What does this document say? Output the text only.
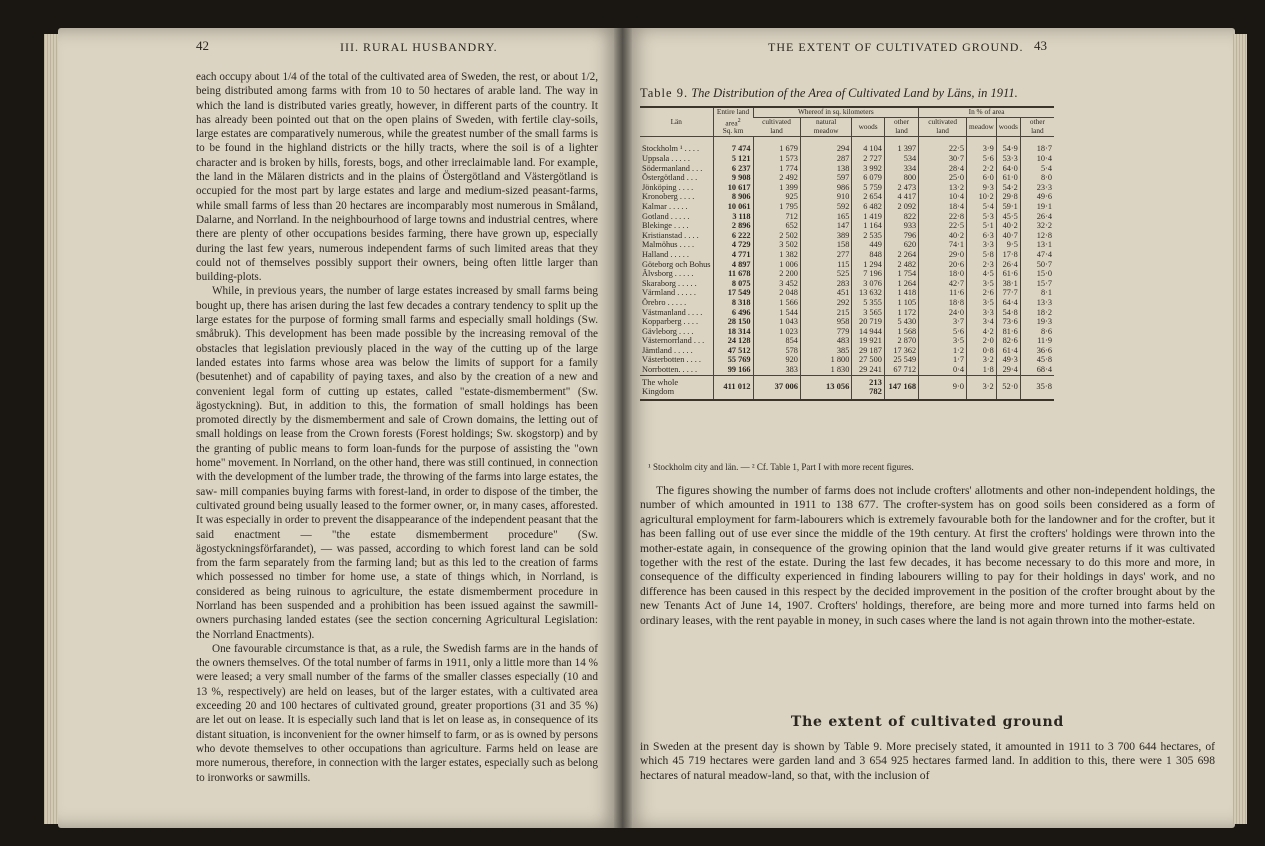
42	III. RURAL HUSBANDRY.

each occupy about 1/4 of the total of the cultivated area of Sweden, the rest, or about 1/2, being distributed among farms with from 10 to 50 hectares of arable land. The way in which the land is distributed varies greatly, however, in different parts of the country. It has already been pointed out that on the open plains of Sweden, with fertile clay-soils, large estates are comparatively numerous, while the greatest number of the small farms is to be found in the highland districts or the hilly tracts, where the soil is of a lighter character and is broken by hills, forests, bogs, and other irreclaimable land. For example, the land in the Mälaren districts and in the plains of Östergötland and Västergötland is occupied for the most part by large estates and large and medium-sized peasant-farms, while small farms of less than 20 hectares are incomparably most numerous in Småland, Dalarne, and Norrland. In the neighbourhood of large towns and industrial centres, where there are plenty of other occupations besides farming, there have grown up, especially during the last few years, numerous independent farms of such limited areas that they could not of themselves possibly support their owners, being often little larger than building-plots.

While, in previous years, the number of large estates increased by small farms being bought up, there has arisen during the last few decades a contrary tendency to split up the large estates for the purpose of forming small farms and especially small holdings (Sw. småbruk). This development has been made possible by the increasing removal of the obstacles that legislation previously placed in the way of the cutting up of the large landed estates into farms whose area was below the limits of support for a family (besutenhet) and of capability of paying taxes, and also by the creation of a new and convenient legal form of cutting up estates, called "estate-dismemberment" (Sw. ägostyckning). But, in addition to this, the formation of small holdings has been promoted directly by the dismemberment and sale of Crown domains, the letting out of small holdings on lease from the Crown forests (Forest holdings; Sw. skogstorp) and by the granting of public means to form loan-funds for the purpose of assisting the "own home" movement. In Norrland, on the other hand, there was still continued, in connection with the development of the lumber trade, the throwing of the farms into large estates, the saw- mill companies buying farms with forest-land, in order to dispose of the timber, the cultivated ground being usually leased to the former owner, or, in many cases, afforested. It was especially in order to prevent the disappearance of the independent peasant that the said enactment — "the estate dismemberment procedure" (Sw. ägostyckningsförfarandet), — was passed, according to which forest land can be sold from the farm separately from the farming land; but as this led to the creation of farms which possessed no timber for home use, a state of things which, in Norrland, is considered as being ruinous to agriculture, the estate dismemberment procedure in Norrland has been suspended and a prohibition has been issued against the sawmill-owners purchasing landed estates (see the section concerning Agricultural Legislation: the Norrland Enactments).

One favourable circumstance is that, as a rule, the Swedish farms are in the hands of the owners themselves. Of the total number of farms in 1911, only a little more than 14 % were leased; a very small number of the farms of the smaller classes especially (10 and 13 %, respectively) are held on leases, but of the larger estates, with a cultivated area exceeding 20 and 100 hectares of cultivated ground, greater proportions (31 and 35 %) are let out on lease. It is especially such land that is let on lease as, in consequence of its distant situation, is inconvenient for the owner himself to farm, or as is owned by persons who devote themselves to other occupations than agriculture. Farms held on lease are more numerous, therefore, in connection with the larger estates, especially such as belong to ironworks or sawmills.

THE EXTENT OF CULTIVATED GROUND. 43
Table 9. The Distribution of the Area of Cultivated Land by Läns, in 1911.
Län	Entire land area$^2$
Sq. km	Whereof in sq. kilometers				In % of area			
		cultivated land	natural meadow	woods	other land	cultivated land	meadow	woods	other land

Stockholm ¹ . . . .	7 474	1 679	294	4 104	1 397	22·5	3·9	54·9	18·7
Uppsala . . . . .	5 121	1 573	287	2 727	534	30·7	5·6	53·3	10·4
Södermanland . . .	6 237	1 774	138	3 992	334	28·4	2·2	64·0	5·4
Östergötland . . .	9 908	2 492	597	6 079	800	25·0	6·0	61·0	8·0
Jönköping . . . .	10 617	1 399	986	5 759	2 473	13·2	9·3	54·2	23·3
Kronoberg . . . .	8 906	925	910	2 654	4 417	10·4	10·2	29·8	49·6
Kalmar . . . . .	10 061	1 795	592	6 482	2 092	18·4	5·4	59·1	19·1
Gotland . . . . .	3 118	712	165	1 419	822	22·8	5·3	45·5	26·4
Blekinge . . . .	2 896	652	147	1 164	933	22·5	5·1	40·2	32·2
Kristianstad . . . .	6 222	2 502	389	2 535	796	40·2	6·3	40·7	12·8
Malmöhus . . . .	4 729	3 502	158	449	620	74·1	3·3	9·5	13·1
Halland . . . . .	4 771	1 382	277	848	2 264	29·0	5·8	17·8	47·4
Göteborg och Bohus	4 897	1 006	115	1 294	2 482	20·6	2·3	26·4	50·7
Älvsborg . . . . .	11 678	2 200	525	7 196	1 754	18·0	4·5	61·6	15·0
Skaraborg . . . . .	8 075	3 452	283	3 076	1 264	42·7	3·5	38·1	15·7
Värmland . . . . .	17 549	2 048	451	13 632	1 418	11·6	2·6	77·7	8·1
Örebro . . . . .	8 318	1 566	292	5 355	1 105	18·8	3·5	64·4	13·3
Västmanland . . . .	6 496	1 544	215	3 565	1 172	24·0	3·3	54·8	18·2
Kopparberg . . . .	28 150	1 043	958	20 719	5 430	3·7	3·4	73·6	19·3
Gävleborg . . . .	18 314	1 023	779	14 944	1 568	5·6	4·2	81·6	8·6
Västernorrland . . .	24 128	854	483	19 921	2 870	3·5	2·0	82·6	11·9
Jämtland . . . . .	47 512	578	385	29 187	17 362	1·2	0·8	61·4	36·6
Västerbotten . . . .	55 769	920	1 800	27 500	25 549	1·7	3·2	49·3	45·8
Norrbotten. . . . .	99 166	383	1 830	29 241	67 712	0·4	1·8	29·4	68·4
The whole Kingdom	411 012	37 006	13 056	213 782	147 168	9·0	3·2	52·0	35·8
¹ Stockholm city and län. — ² Cf. Table 1, Part I with more recent figures.

The figures showing the number of farms does not include crofters' allotments and other non-independent holdings, the number of which amounted in 1911 to 138 677. The crofter-system has on good soils been considered as a form of agricultural employment for farm-labourers which is extremely favourable both for the landowner and for the crofter, but it has been falling out of use ever since the middle of the 19th century. At first the crofters' holdings were thrown into the mother-estate again, in consequence of the growing opinion that the land would give greater returns if it was cultivated together with the rest of the estate. During the last few decades, it has become necessary to do this more and more, in consequence of the difficulty experienced in finding labourers willing to pay for their holdings in days' work, and no difference has been caused in this respect by the decided improvement in the position of the crofter brought about by the new Tenants Act of June 14, 1907. Crofters' holdings, therefore, are being more and more turned into farms held on ordinary leases, with the rent payable in money, in such cases where the land is not again thrown into the mother-estate.

The extent of cultivated ground

in Sweden at the present day is shown by Table 9. More precisely stated, it amounted in 1911 to 3 700 644 hectares, of which 45 719 hectares were garden land and 3 654 925 hectares farmed land. In addition to this, there were 1 305 698 hectares of natural meadow-land, so that, with the inclusion of
